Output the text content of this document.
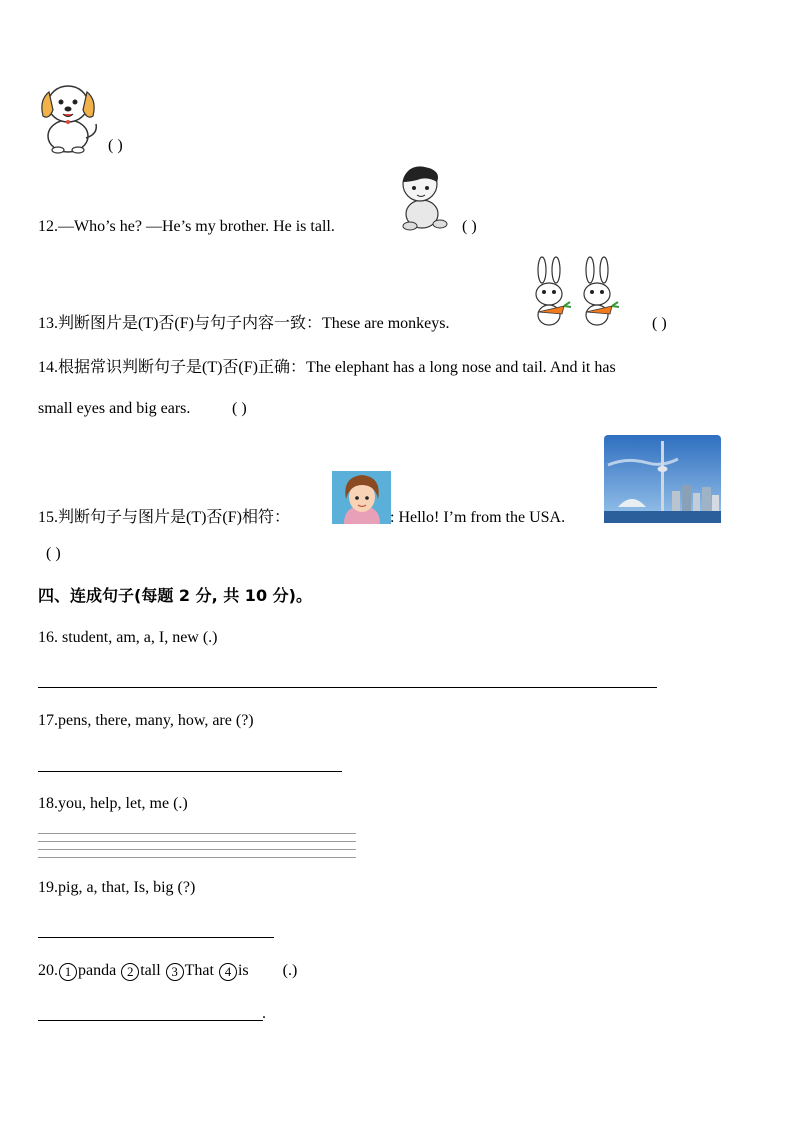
( )
12.—Who’s he? —He’s my brother. He is tall.	( )
13.判断图片是(T)否(F)与句子内容一致：These are monkeys.	( )
14.根据常识判断句子是(T)否(F)正确：The elephant has a long nose and tail. And it has
small eyes and big ears.	( )
15.判断句子与图片是(T)否(F)相符：	: Hello! I’m from the USA.
( )
四、连成句子(每题 2 分, 共 10 分)。
16. student, am, a, I, new (.)
17.pens, there, many, how, are (?)
18.you, help, let, me (.)
19.pig, a, that, Is, big (?)
20. 1 panda 2 tall 3 That 4 is (.)
.
